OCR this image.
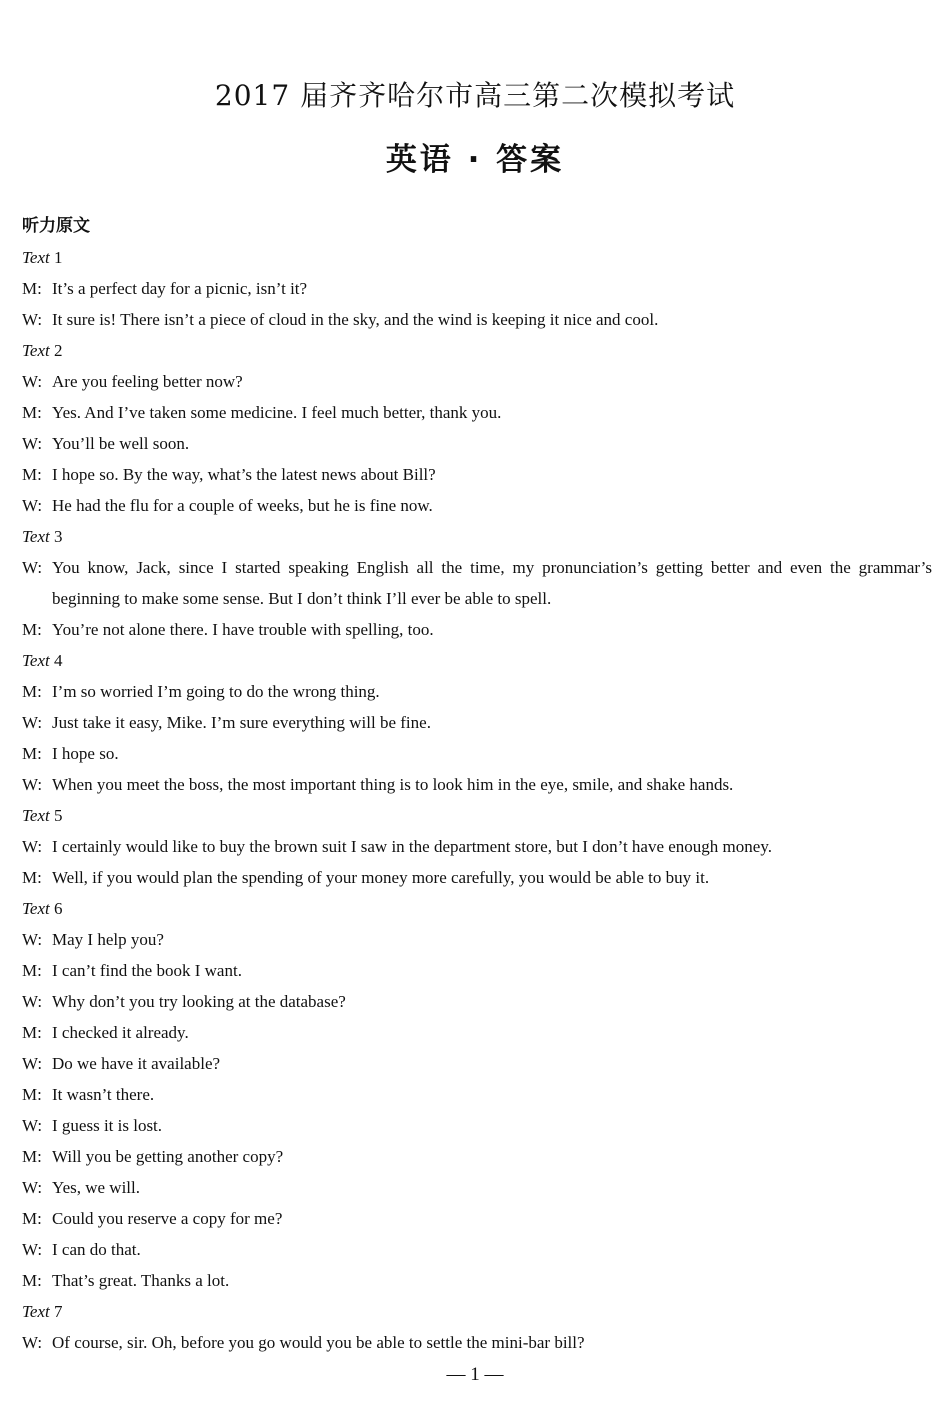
2017 届齐齐哈尔市高三第二次模拟考试
英语 · 答案
听力原文
Text 1
M: It’s a perfect day for a picnic, isn’t it?
W: It sure is! There isn’t a piece of cloud in the sky, and the wind is keeping it nice and cool.
Text 2
W: Are you feeling better now?
M: Yes. And I’ve taken some medicine. I feel much better, thank you.
W: You’ll be well soon.
M: I hope so. By the way, what’s the latest news about Bill?
W: He had the flu for a couple of weeks, but he is fine now.
Text 3
W: You know, Jack, since I started speaking English all the time, my pronunciation’s getting better and even the grammar’s beginning to make some sense. But I don’t think I’ll ever be able to spell.
M: You’re not alone there. I have trouble with spelling, too.
Text 4
M: I’m so worried I’m going to do the wrong thing.
W: Just take it easy, Mike. I’m sure everything will be fine.
M: I hope so.
W: When you meet the boss, the most important thing is to look him in the eye, smile, and shake hands.
Text 5
W: I certainly would like to buy the brown suit I saw in the department store, but I don’t have enough money.
M: Well, if you would plan the spending of your money more carefully, you would be able to buy it.
Text 6
W: May I help you?
M: I can’t find the book I want.
W: Why don’t you try looking at the database?
M: I checked it already.
W: Do we have it available?
M: It wasn’t there.
W: I guess it is lost.
M: Will you be getting another copy?
W: Yes, we will.
M: Could you reserve a copy for me?
W: I can do that.
M: That’s great. Thanks a lot.
Text 7
W: Of course, sir. Oh, before you go would you be able to settle the mini-bar bill?
— 1 —
